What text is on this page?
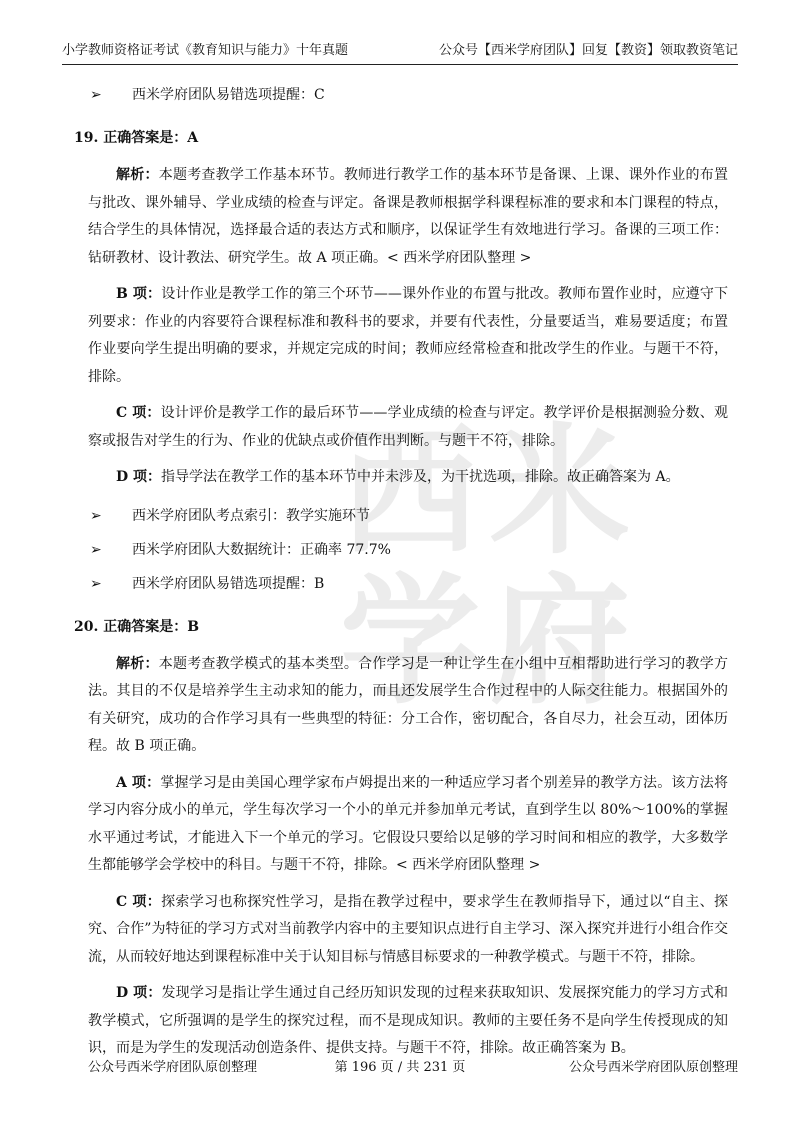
小学教师资格证考试《教育知识与能力》十年真题	公众号【西米学府团队】回复【教资】领取教资笔记
西 米
学 府
➢ 西米学府团队易错选项提醒：C
19. 正确答案是：A

解析：本题考查教学工作基本环节。教师进行教学工作的基本环节是备课、上课、课外作业的布置与批改、课外辅导、学业成绩的检查与评定。备课是教师根据学科课程标准的要求和本门课程的特点，结合学生的具体情况，选择最合适的表达方式和顺序，以保证学生有效地进行学习。备课的三项工作：钻研教材、设计教法、研究学生。故 A 项正确。< 西米学府团队整理 >

B 项：设计作业是教学工作的第三个环节——课外作业的布置与批改。教师布置作业时，应遵守下列要求：作业的内容要符合课程标准和教科书的要求，并要有代表性，分量要适当，难易要适度；布置作业要向学生提出明确的要求，并规定完成的时间；教师应经常检查和批改学生的作业。与题干不符，排除。

C 项：设计评价是教学工作的最后环节——学业成绩的检查与评定。教学评价是根据测验分数、观察或报告对学生的行为、作业的优缺点或价值作出判断。与题干不符，排除。

D 项：指导学法在教学工作的基本环节中并未涉及，为干扰选项，排除。故正确答案为 A。

➢ 西米学府团队考点索引：教学实施环节
➢ 西米学府团队大数据统计：正确率 77.7%
➢ 西米学府团队易错选项提醒：B
20. 正确答案是：B

解析：本题考查教学模式的基本类型。合作学习是一种让学生在小组中互相帮助进行学习的教学方法。其目的不仅是培养学生主动求知的能力，而且还发展学生合作过程中的人际交往能力。根据国外的有关研究，成功的合作学习具有一些典型的特征：分工合作，密切配合，各自尽力，社会互动，团体历程。故 B 项正确。

A 项：掌握学习是由美国心理学家布卢姆提出来的一种适应学习者个别差异的教学方法。该方法将学习内容分成小的单元，学生每次学习一个小的单元并参加单元考试，直到学生以 80%～100%的掌握水平通过考试，才能进入下一个单元的学习。它假设只要给以足够的学习时间和相应的教学，大多数学生都能够学会学校中的科目。与题干不符，排除。< 西米学府团队整理 >

C 项：探索学习也称探究性学习，是指在教学过程中，要求学生在教师指导下，通过以“自主、探究、合作”为特征的学习方式对当前教学内容中的主要知识点进行自主学习、深入探究并进行小组合作交流，从而较好地达到课程标准中关于认知目标与情感目标要求的一种教学模式。与题干不符，排除。

D 项：发现学习是指让学生通过自己经历知识发现的过程来获取知识、发展探究能力的学习方式和教学模式，它所强调的是学生的探究过程，而不是现成知识。教师的主要任务不是向学生传授现成的知识，而是为学生的发现活动创造条件、提供支持。与题干不符，排除。故正确答案为 B。

公众号西米学府团队原创整理	第 196 页 / 共 231 页	公众号西米学府团队原创整理
